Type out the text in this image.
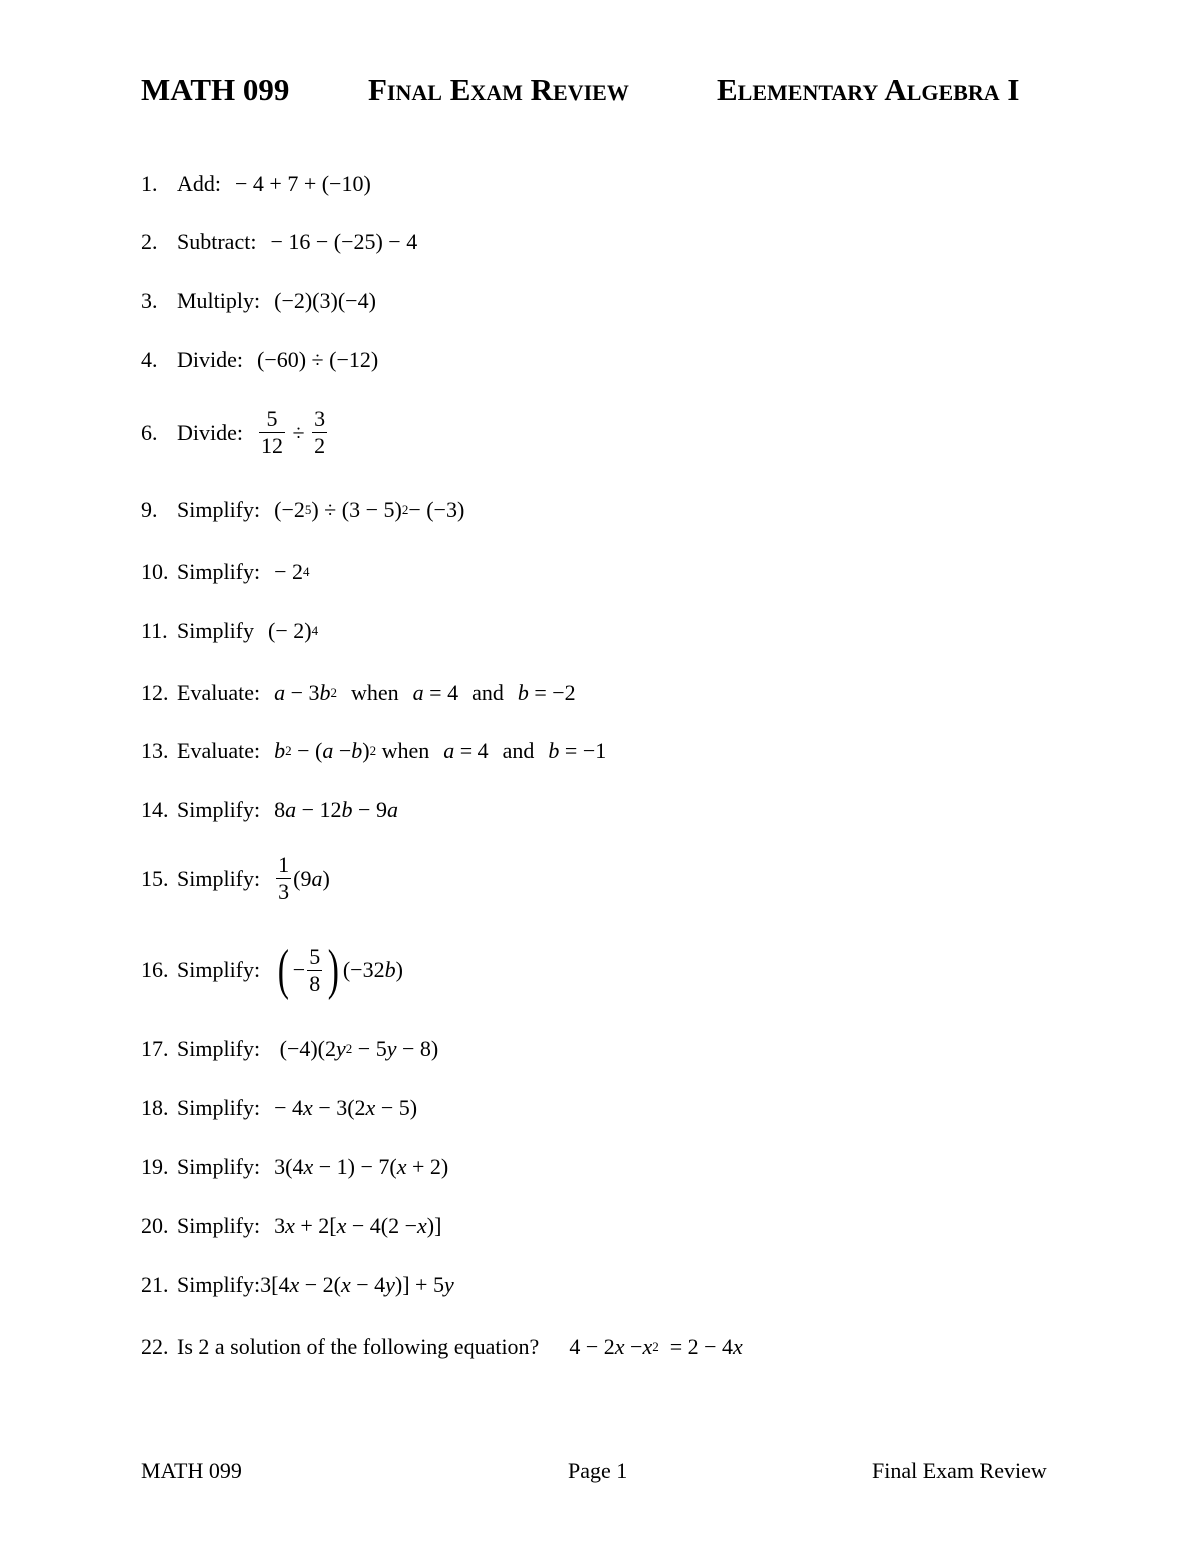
MATH 099	Final Exam Review	Elementary Algebra I
1. Add: − 4 + 7 + (−10)
2. Subtract: − 16 − (−25) − 4
3. Multiply: (−2)(3)(−4)
4. Divide: (−60) ÷ (−12)
6. Divide: $\frac{5}{12} \div \frac{3}{2}$
9. Simplify: (−2 5 ) ÷ (3 − 5) 2 − (−3)
10. Simplify: − 2 4
11. Simplify (− 2) 4
12. Evaluate: a − 3 b 2 when a = 4 and b = −2
13. Evaluate: b 2 − ( a − b ) 2 when a = 4 and b = −1
14. Simplify: 8 a − 12 b − 9 a
15. Simplify: $\frac{1}{3} (9$ a )
16. Simplify: ( − $\frac{5}{8}$ ) (−32 b )
17. Simplify: (−4)(2 y 2 − 5 y − 8)
18. Simplify: − 4 x − 3(2 x − 5)
19. Simplify: 3(4 x − 1) − 7( x + 2)
20. Simplify: 3 x + 2[ x − 4(2 − x )]
21. Simplify: 3[4 x − 2( x − 4 y )] + 5 y
22. Is 2 a solution of the following equation? 4 − 2 x − x 2 = 2 − 4 x
MATH 099	Page 1	Final Exam Review
